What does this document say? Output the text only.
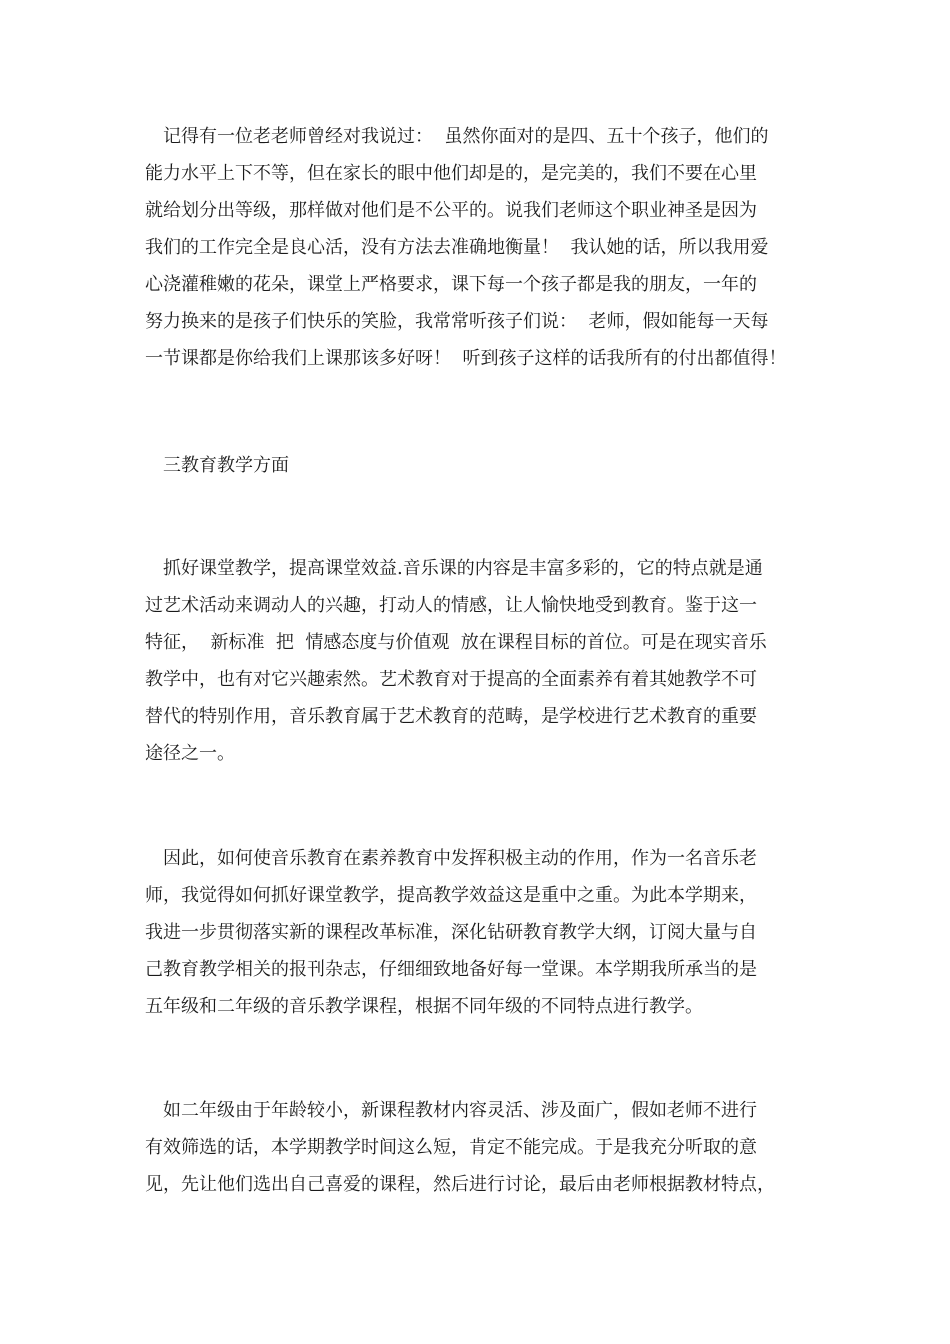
　记得有一位老老师曾经对我说过：  虽然你面对的是四、五十个孩子，他们的
能力水平上下不等，但在家长的眼中他们却是的，是完美的，我们不要在心里
就给划分出等级，那样做对他们是不公平的。说我们老师这个职业神圣是因为
我们的工作完全是良心活，没有方法去准确地衡量！  我认她的话，所以我用爱
心浇灌稚嫩的花朵，课堂上严格要求，课下每一个孩子都是我的朋友，一年的
努力换来的是孩子们快乐的笑脸，我常常听孩子们说：  老师，假如能每一天每
一节课都是你给我们上课那该多好呀！  听到孩子这样的话我所有的付出都值得！

　三教育教学方面

　抓好课堂教学，提高课堂效益.音乐课的内容是丰富多彩的，它的特点就是通
过艺术活动来调动人的兴趣，打动人的情感，让人愉快地受到教育。鉴于这一
特征，  新标准  把  情感态度与价值观  放在课程目标的首位。可是在现实音乐
教学中，也有对它兴趣索然。艺术教育对于提高的全面素养有着其她教学不可
替代的特别作用，音乐教育属于艺术教育的范畴，是学校进行艺术教育的重要
途径之一。
　因此，如何使音乐教育在素养教育中发挥积极主动的作用，作为一名音乐老
师，我觉得如何抓好课堂教学，提高教学效益这是重中之重。为此本学期来，
我进一步贯彻落实新的课程改革标准，深化钻研教育教学大纲，订阅大量与自
己教育教学相关的报刊杂志，仔细细致地备好每一堂课。本学期我所承当的是
五年级和二年级的音乐教学课程，根据不同年级的不同特点进行教学。
　如二年级由于年龄较小，新课程教材内容灵活、涉及面广，假如老师不进行
有效筛选的话，本学期教学时间这么短，肯定不能完成。于是我充分听取的意
见，先让他们选出自己喜爱的课程，然后进行讨论，最后由老师根据教材特点，
